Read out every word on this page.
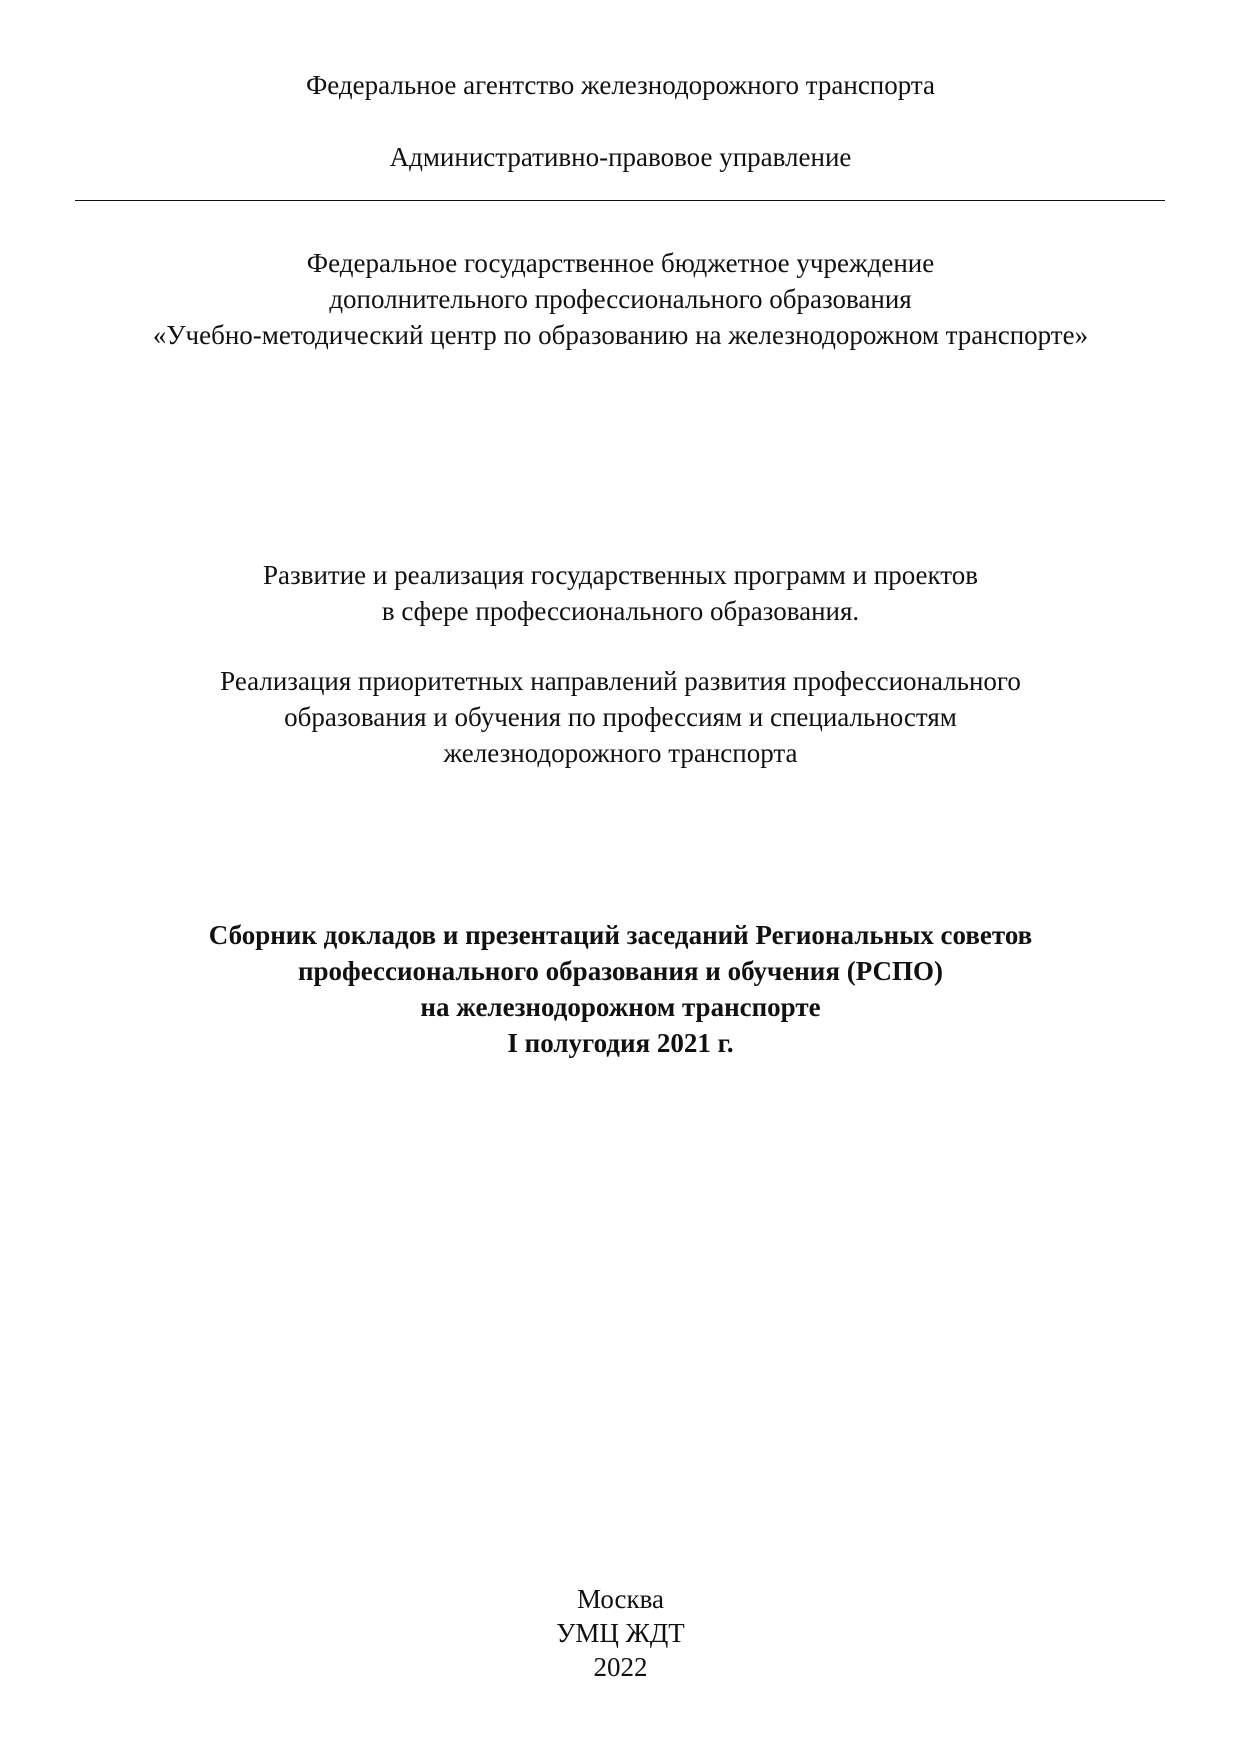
Федеральное агентство железнодорожного транспорта
Административно-правовое управление
Федеральное государственное бюджетное учреждение
дополнительного профессионального образования
«Учебно-методический центр по образованию на железнодорожном транспорте»
Развитие и реализация государственных программ и проектов
в сфере профессионального образования.
Реализация приоритетных направлений развития профессионального
образования и обучения по профессиям и специальностям
железнодорожного транспорта
Сборник докладов и презентаций заседаний Региональных советов
профессионального образования и обучения (РСПО)
на железнодорожном транспорте
I полугодия 2021 г.
Москва
УМЦ ЖДТ
2022
